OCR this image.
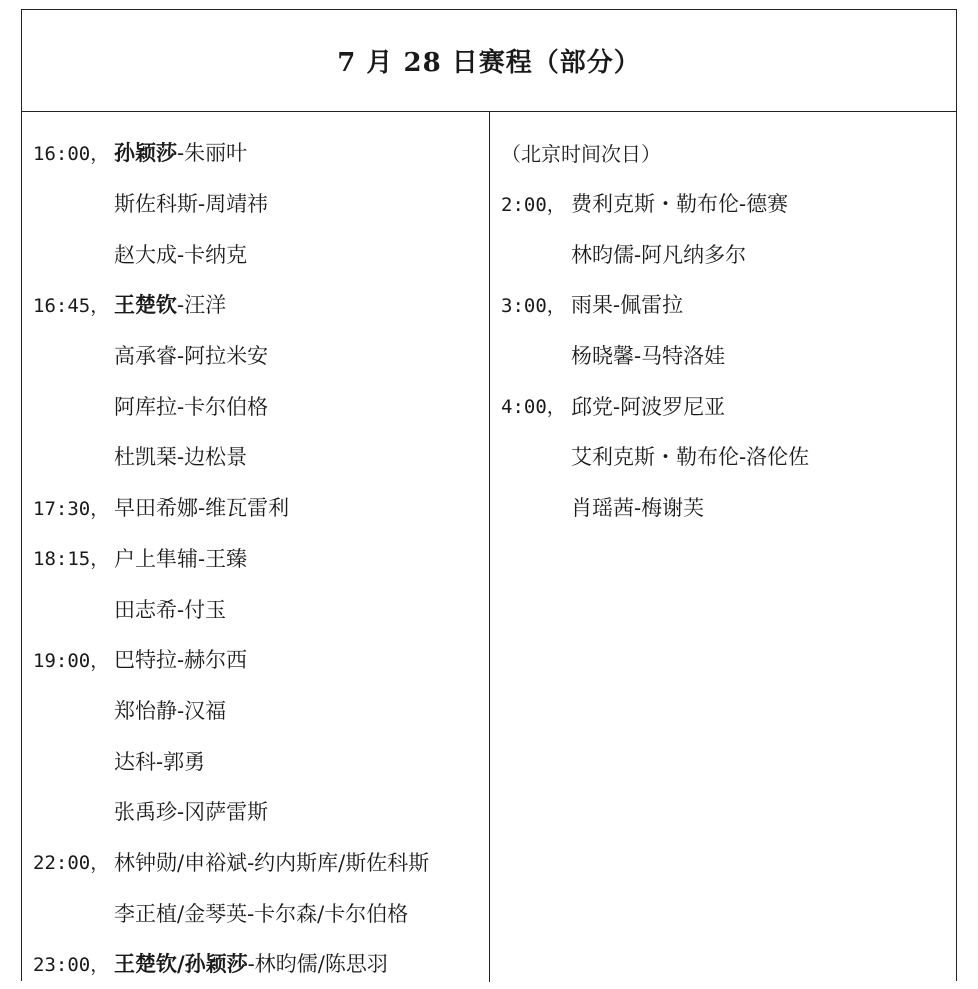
7 月 28 日赛程（部分）
16:00， 孙颖莎-朱丽叶
斯佐科斯-周靖祎
赵大成-卡纳克
16:45， 王楚钦-汪洋
高承睿-阿拉米安
阿库拉-卡尔伯格
杜凯琹-边松景
17:30， 早田希娜-维瓦雷利
18:15， 户上隼辅-王臻
田志希-付玉
19:00， 巴特拉-赫尔西
郑怡静-汉福
达科-郭勇
张禹珍-冈萨雷斯
22:00， 林钟勋/申裕斌-约内斯库/斯佐科斯
李正植/金琴英-卡尔森/卡尔伯格
23:00， 王楚钦/孙颖莎-林昀儒/陈思羽
（北京时间次日）
2:00， 费利克斯・勒布伦-德赛
林昀儒-阿凡纳多尔
3:00， 雨果-佩雷拉
杨晓馨-马特洛娃
4:00， 邱党-阿波罗尼亚
艾利克斯・勒布伦-洛伦佐
肖瑶茜-梅谢芙
